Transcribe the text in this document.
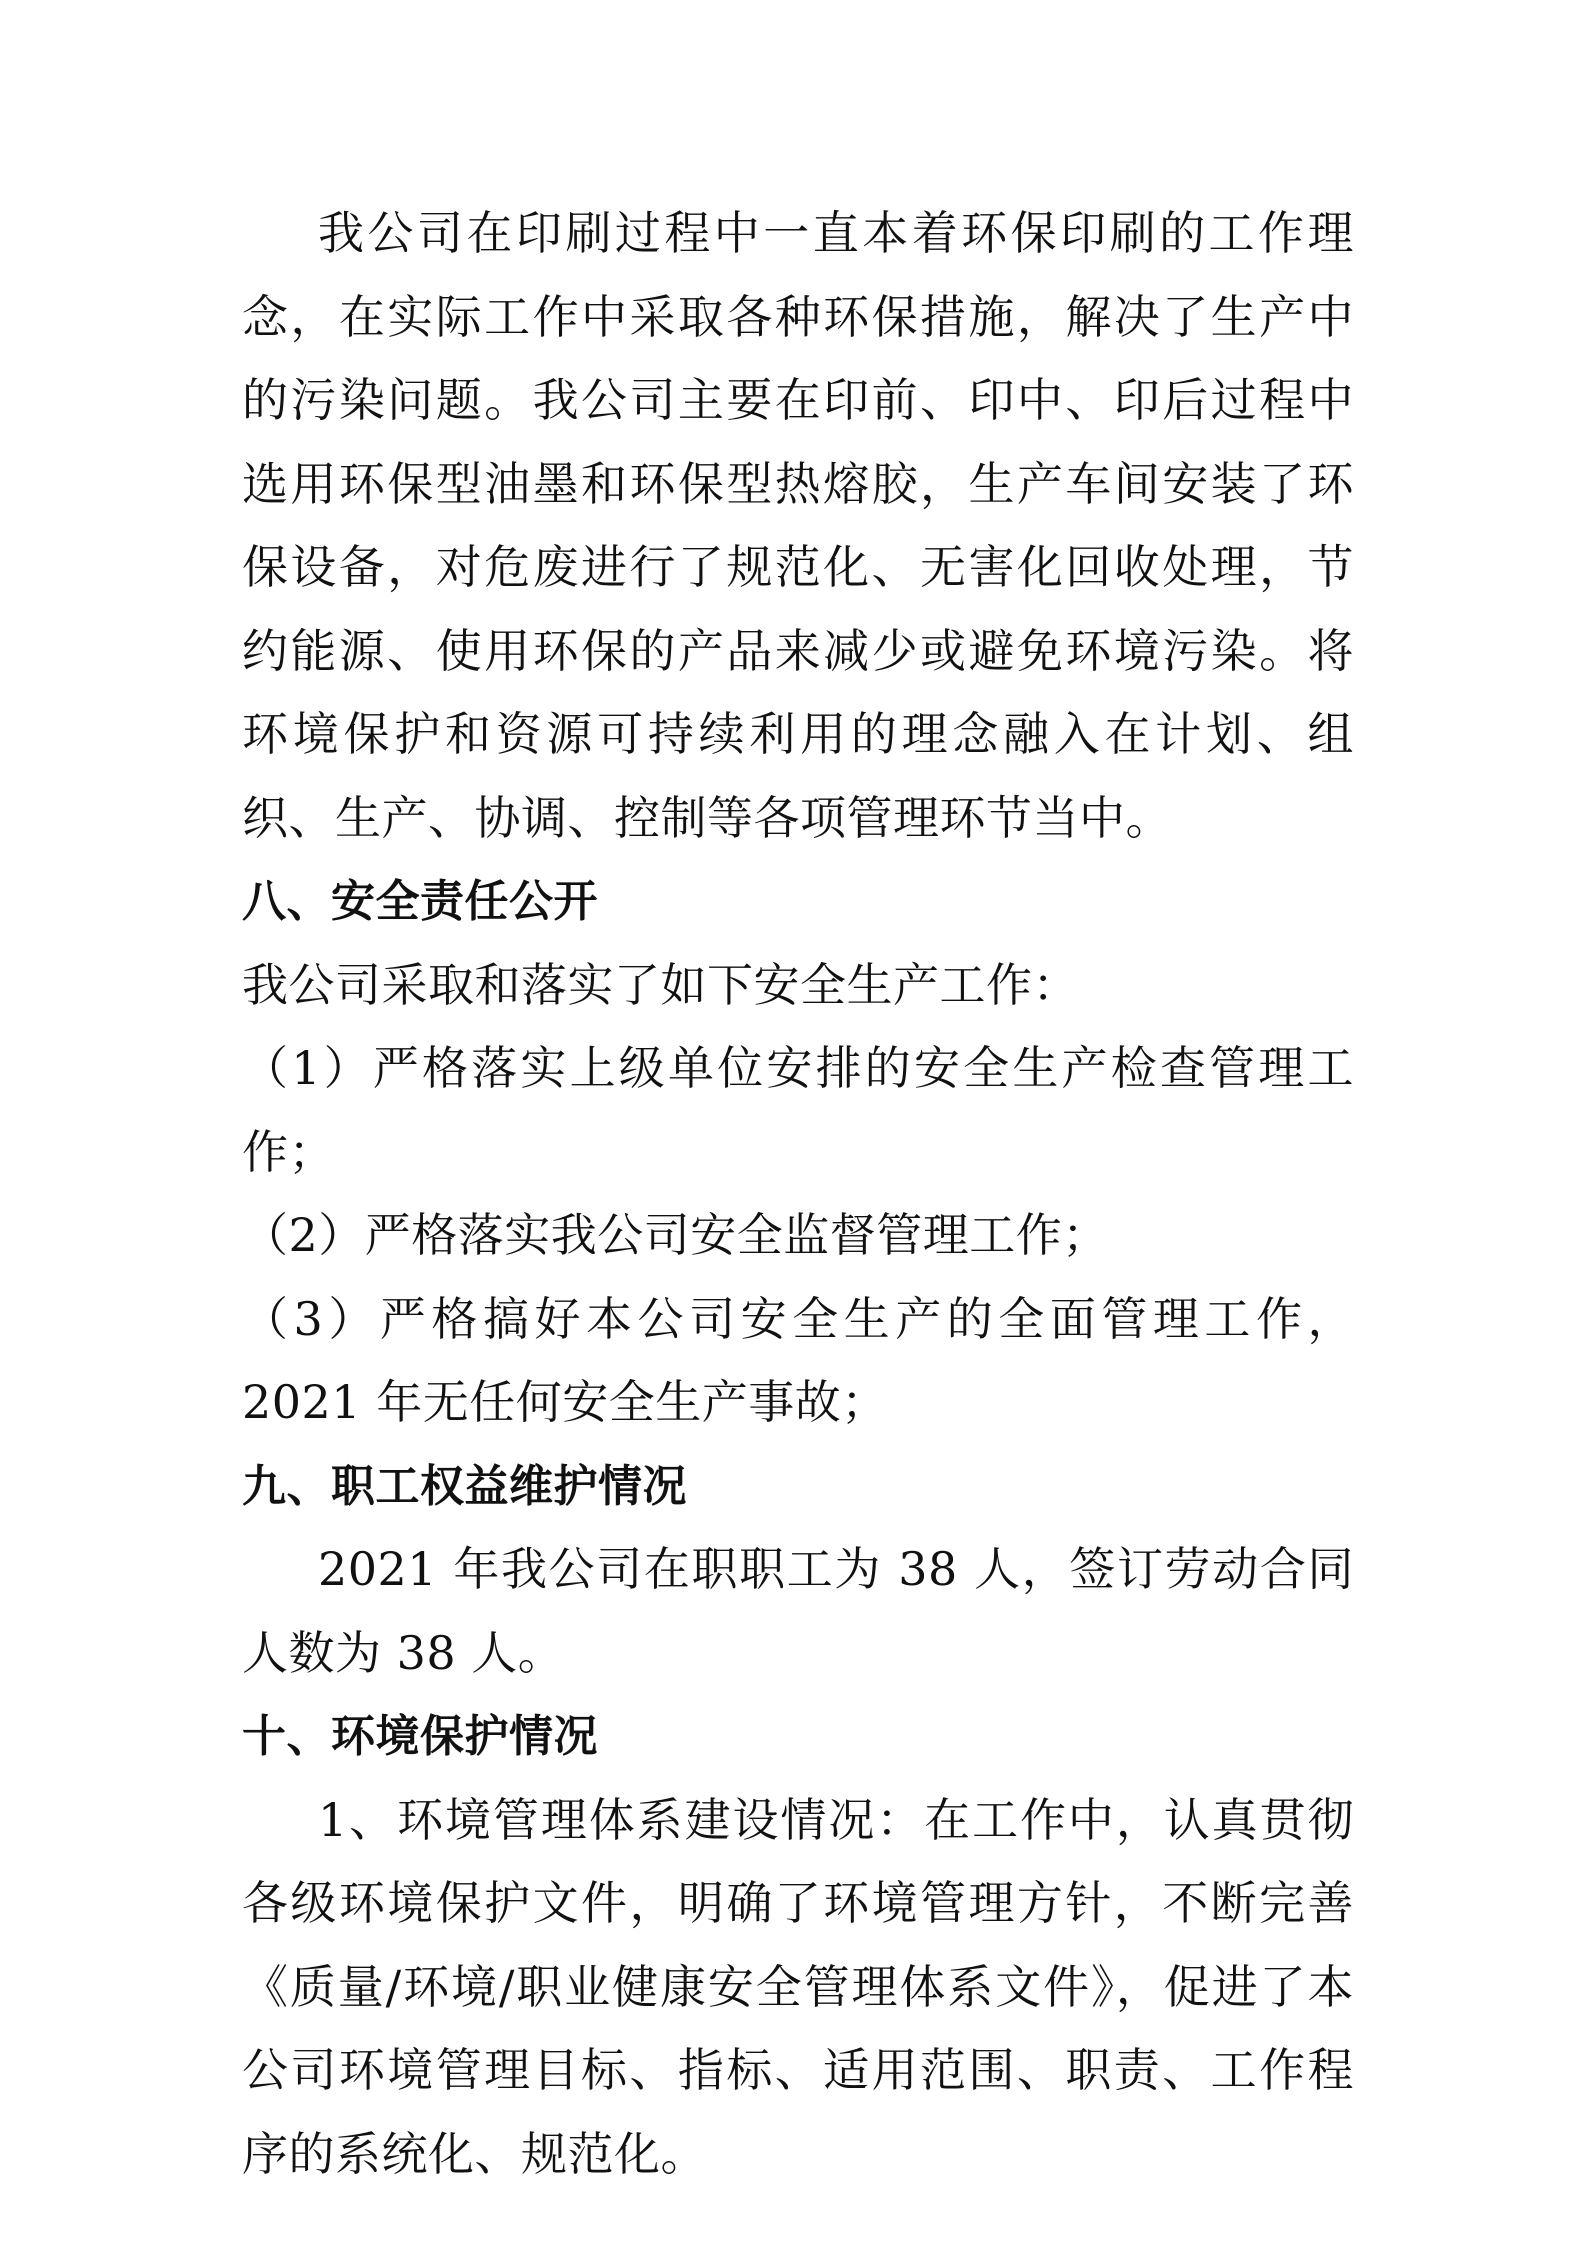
我公司在印刷过程中一直本着环保印刷的工作理念，在实际工作中采取各种环保措施，解决了生产中的污染问题。我公司主要在印前、印中、印后过程中选用环保型油墨和环保型热熔胶，生产车间安装了环保设备，对危废进行了规范化、无害化回收处理，节约能源、使用环保的产品来减少或避免环境污染。将环境保护和资源可持续利用的理念融入在计划、组织、生产、协调、控制等各项管理环节当中。

八、安全责任公开

我公司采取和落实了如下安全生产工作：

（1）严格落实上级单位安排的安全生产检查管理工作；

（2）严格落实我公司安全监督管理工作；

（3）严格搞好本公司安全生产的全面管理工作，2021 年无任何安全生产事故；

九、职工权益维护情况

2021 年我公司在职职工为 38 人，签订劳动合同人数为 38 人。

十、环境保护情况

1、环境管理体系建设情况：在工作中，认真贯彻各级环境保护文件，明确了环境管理方针，不断完善《质量/环境/职业健康安全管理体系文件》，促进了本公司环境管理目标、指标、适用范围、职责、工作程序的系统化、规范化。
